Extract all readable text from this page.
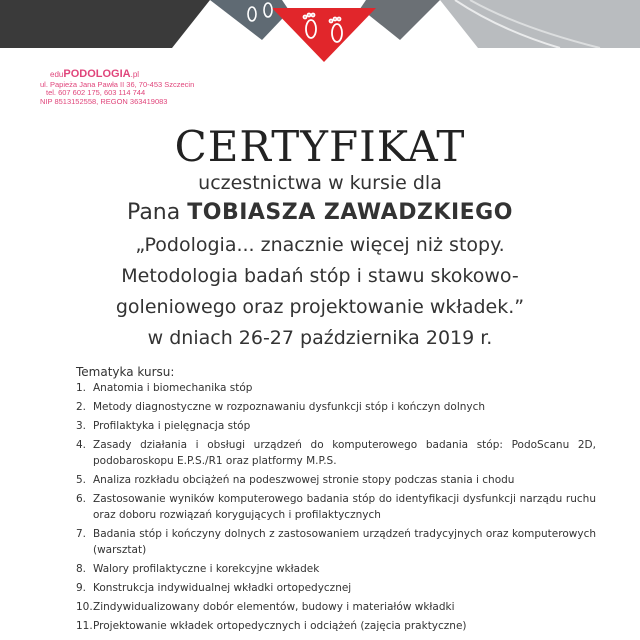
eduPODOLOGIA.pl
ul. Papieża Jana Pawła II 36, 70-453 Szczecin
tel. 607 602 175, 603 114 744
NIP 8513152558, REGON 363419083
CERTYFIKAT
uczestnictwa w kursie dla
Pana TOBIASZA ZAWADZKIEGO
„Podologia... znacznie więcej niż stopy.
Metodologia badań stóp i stawu skokowo-
goleniowego oraz projektowanie wkładek.”
w dniach 26-27 października 2019 r.
Tematyka kursu:
1. Anatomia i biomechanika stóp
2. Metody diagnostyczne w rozpoznawaniu dysfunkcji stóp i kończyn dolnych
3. Profilaktyka i pielęgnacja stóp
4. Zasady działania i obsługi urządzeń do komputerowego badania stóp: PodoScanu 2D, podobaroskopu E.P.S./R1 oraz platformy M.P.S.
5. Analiza rozkładu obciążeń na podeszwowej stronie stopy podczas stania i chodu
6. Zastosowanie wyników komputerowego badania stóp do identyfikacji dysfunkcji narządu ruchu oraz doboru rozwiązań korygujących i profilaktycznych
7. Badania stóp i kończyny dolnych z zastosowaniem urządzeń tradycyjnych oraz komputerowych (warsztat)
8. Walory profilaktyczne i korekcyjne wkładek
9. Konstrukcja indywidualnej wkładki ortopedycznej
10. Zindywidualizowany dobór elementów, budowy i materiałów wkładki
11. Projektowanie wkładek ortopedycznych i odciążeń (zajęcia praktyczne)
